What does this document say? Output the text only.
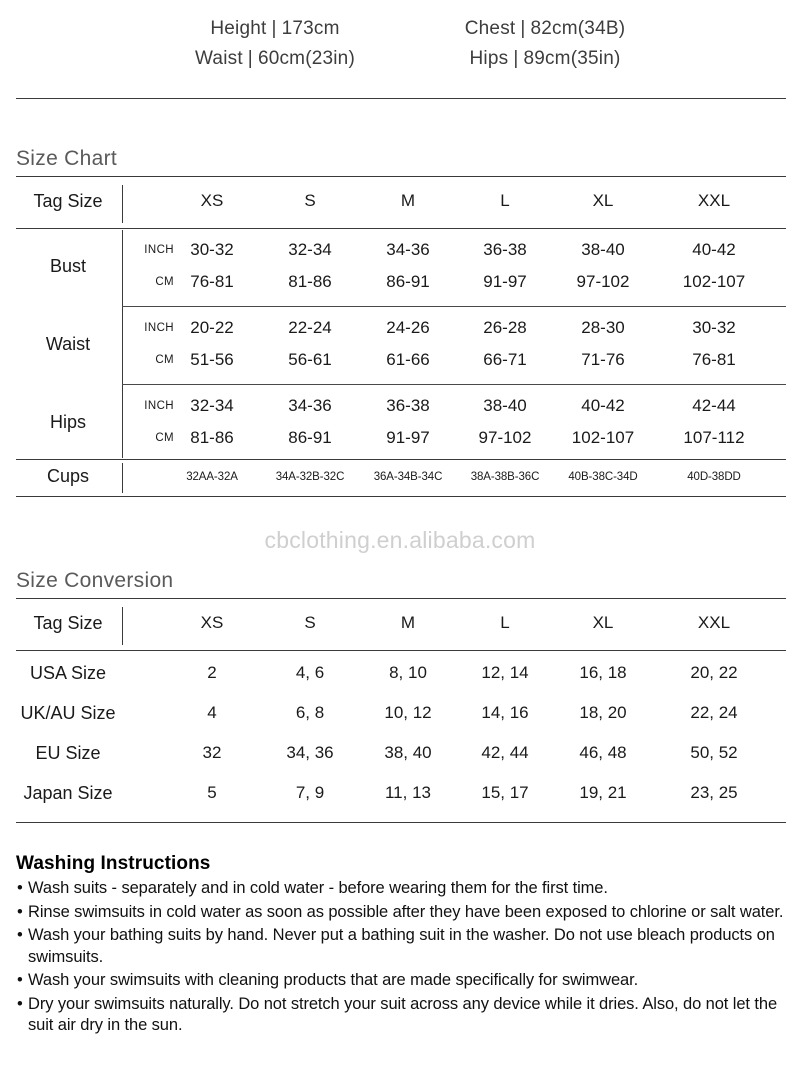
Height | 173cm	Chest | 82cm(34B)
Waist | 60cm(23in)	Hips | 89cm(35in)
Size Chart
Tag Size	XS	S	M	L	XL	XXL
Bust
INCH 30-32	32-34	34-36	36-38	38-40	40-42
CM 76-81	81-86	86-91	91-97	97-102	102-107
Waist
INCH 20-22	22-24	24-26	26-28	28-30	30-32
CM 51-56	56-61	61-66	66-71	71-76	76-81
Hips
INCH 32-34	34-36	36-38	38-40	40-42	42-44
CM 81-86	86-91	91-97	97-102	102-107	107-112
Cups	32AA-32A	34A-32B-32C	36A-34B-34C	38A-38B-36C	40B-38C-34D	40D-38DD
cbclothing.en.alibaba.com
Size Conversion
Tag Size	XS	S	M	L	XL	XXL
USA Size	2	4, 6	8, 10	12, 14	16, 18	20, 22
UK/AU Size	4	6, 8	10, 12	14, 16	18, 20	22, 24
EU Size	32	34, 36	38, 40	42, 44	46, 48	50, 52
Japan Size	5	7, 9	11, 13	15, 17	19, 21	23, 25
Washing Instructions
• Wash suits - separately and in cold water - before wearing them for the first time.
• Rinse swimsuits in cold water as soon as possible after they have been exposed to chlorine or salt water.
• Wash your bathing suits by hand. Never put a bathing suit in the washer. Do not use bleach products on swimsuits.
• Wash your swimsuits with cleaning products that are made specifically for swimwear.
• Dry your swimsuits naturally. Do not stretch your suit across any device while it dries. Also, do not let the suit air dry in the sun.
